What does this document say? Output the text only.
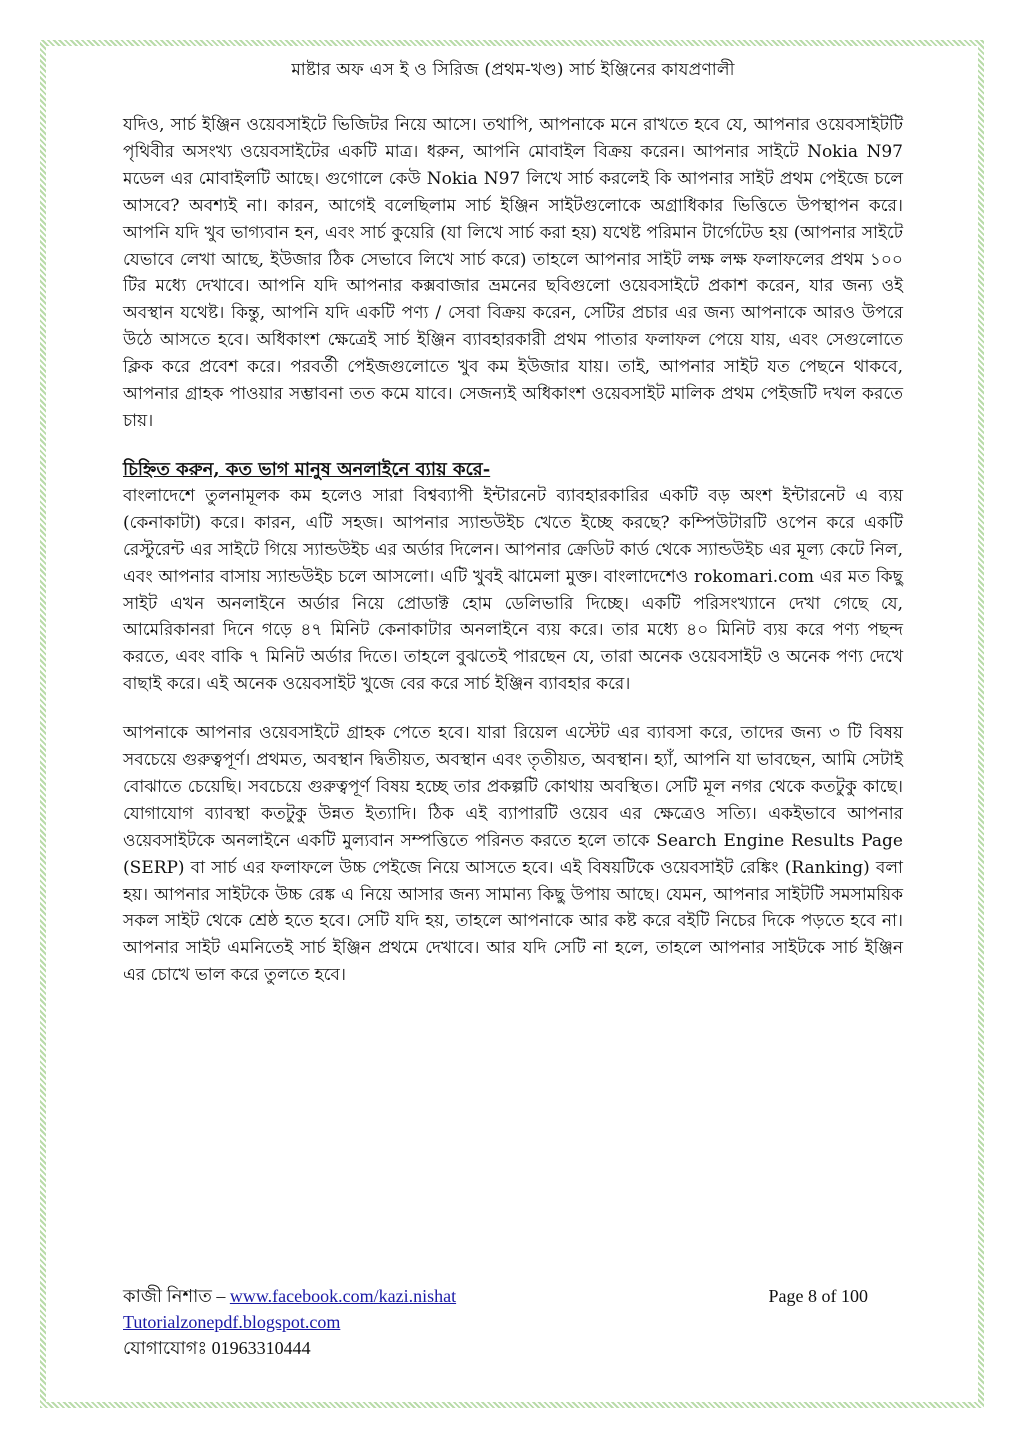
মাষ্টার অফ এস ই ও সিরিজ (প্রথম-খণ্ড) সার্চ ইঞ্জিনের কাযপ্রণালী

যদিও, সার্চ ইঞ্জিন ওয়েবসাইটে ভিজিটর নিয়ে আসে। তথাপি, আপনাকে মনে রাখতে হবে যে, আপনার ওয়েবসাইটটি পৃথিবীর অসংখ্য ওয়েবসাইটের একটি মাত্র। ধরুন, আপনি মোবাইল বিক্রয় করেন। আপনার সাইটে Nokia N97 মডেল এর মোবাইলটি আছে। গুগোলে কেউ Nokia N97 লিখে সার্চ করলেই কি আপনার সাইট প্রথম পেইজে চলে আসবে? অবশ্যই না। কারন, আগেই বলেছিলাম সার্চ ইঞ্জিন সাইটগুলোকে অগ্রাধিকার ভিত্তিতে উপস্থাপন করে। আপনি যদি খুব ভাগ্যবান হন, এবং সার্চ কুয়েরি (যা লিখে সার্চ করা হয়) যথেষ্ট পরিমান টার্গেটেড হয় (আপনার সাইটে যেভাবে লেখা আছে, ইউজার ঠিক সেভাবে লিখে সার্চ করে) তাহলে আপনার সাইট লক্ষ লক্ষ ফলাফলের প্রথম ১০০ টির মধ্যে দেখাবে। আপনি যদি আপনার কক্সবাজার ভ্রমনের ছবিগুলো ওয়েবসাইটে প্রকাশ করেন, যার জন্য ওই অবস্থান যথেষ্ট। কিন্তু, আপনি যদি একটি পণ্য / সেবা বিক্রয় করেন, সেটির প্রচার এর জন্য আপনাকে আরও উপরে উঠে আসতে হবে। অধিকাংশ ক্ষেত্রেই সার্চ ইঞ্জিন ব্যাবহারকারী প্রথম পাতার ফলাফল পেয়ে যায়, এবং সেগুলোতে ক্লিক করে প্রবেশ করে। পরবর্তী পেইজগুলোতে খুব কম ইউজার যায়। তাই, আপনার সাইট যত পেছনে থাকবে, আপনার গ্রাহক পাওয়ার সম্ভাবনা তত কমে যাবে। সেজন্যই অধিকাংশ ওয়েবসাইট মালিক প্রথম পেইজটি দখল করতে চায়।

চিহ্নিত করুন, কত ভাগ মানুষ অনলাইনে ব্যায় করে-

বাংলাদেশে তুলনামূলক কম হলেও সারা বিশ্বব্যাপী ইন্টারনেট ব্যাবহারকারির একটি বড় অংশ ইন্টারনেট এ ব্যয় (কেনাকাটা) করে। কারন, এটি সহজ। আপনার স্যান্ডউইচ খেতে ইচ্ছে করছে? কম্পিউটারটি ওপেন করে একটি রেস্টুরেন্ট এর সাইটে গিয়ে স্যান্ডউইচ এর অর্ডার দিলেন। আপনার ক্রেডিট কার্ড থেকে স্যান্ডউইচ এর মূল্য কেটে নিল, এবং আপনার বাসায় স্যান্ডউইচ চলে আসলো। এটি খুবই ঝামেলা মুক্ত। বাংলাদেশেও rokomari.com এর মত কিছু সাইট এখন অনলাইনে অর্ডার নিয়ে প্রোডাক্ট হোম ডেলিভারি দিচ্ছে। একটি পরিসংখ্যানে দেখা গেছে যে, আমেরিকানরা দিনে গড়ে ৪৭ মিনিট কেনাকাটার অনলাইনে ব্যয় করে। তার মধ্যে ৪০ মিনিট ব্যয় করে পণ্য পছন্দ করতে, এবং বাকি ৭ মিনিট অর্ডার দিতে। তাহলে বুঝতেই পারছেন যে, তারা অনেক ওয়েবসাইট ও অনেক পণ্য দেখে বাছাই করে। এই অনেক ওয়েবসাইট খুজে বের করে সার্চ ইঞ্জিন ব্যাবহার করে।

আপনাকে আপনার ওয়েবসাইটে গ্রাহক পেতে হবে। যারা রিয়েল এস্টেট এর ব্যাবসা করে, তাদের জন্য ৩ টি বিষয় সবচেয়ে গুরুত্বপূর্ণ। প্রথমত, অবস্থান দ্বিতীয়ত, অবস্থান এবং তৃতীয়ত, অবস্থান। হ্যাঁ, আপনি যা ভাবছেন, আমি সেটাই বোঝাতে চেয়েছি। সবচেয়ে গুরুত্বপূর্ণ বিষয় হচ্ছে তার প্রকল্পটি কোথায় অবস্থিত। সেটি মূল নগর থেকে কতটুকু কাছে। যোগাযোগ ব্যাবস্থা কতটুকু উন্নত ইত্যাদি। ঠিক এই ব্যাপারটি ওয়েব এর ক্ষেত্রেও সত্যি। একইভাবে আপনার ওয়েবসাইটকে অনলাইনে একটি মুল্যবান সম্পত্তিতে পরিনত করতে হলে তাকে Search Engine Results Page (SERP) বা সার্চ এর ফলাফলে উচ্চ পেইজে নিয়ে আসতে হবে। এই বিষয়টিকে ওয়েবসাইট রেঙ্কিং (Ranking) বলা হয়। আপনার সাইটকে উচ্চ রেঙ্ক এ নিয়ে আসার জন্য সামান্য কিছু উপায় আছে। যেমন, আপনার সাইটটি সমসাময়িক সকল সাইট থেকে শ্রেষ্ঠ হতে হবে। সেটি যদি হয়, তাহলে আপনাকে আর কষ্ট করে বইটি নিচের দিকে পড়তে হবে না। আপনার সাইট এমনিতেই সার্চ ইঞ্জিন প্রথমে দেখাবে। আর যদি সেটি না হলে, তাহলে আপনার সাইটকে সার্চ ইঞ্জিন এর চোখে ভাল করে তুলতে হবে।

কাজী নিশাত – www.facebook.com/kazi.nishat	Page 8 of 100
Tutorialzonepdf.blogspot.com
যোগাযোগঃ 01963310444
